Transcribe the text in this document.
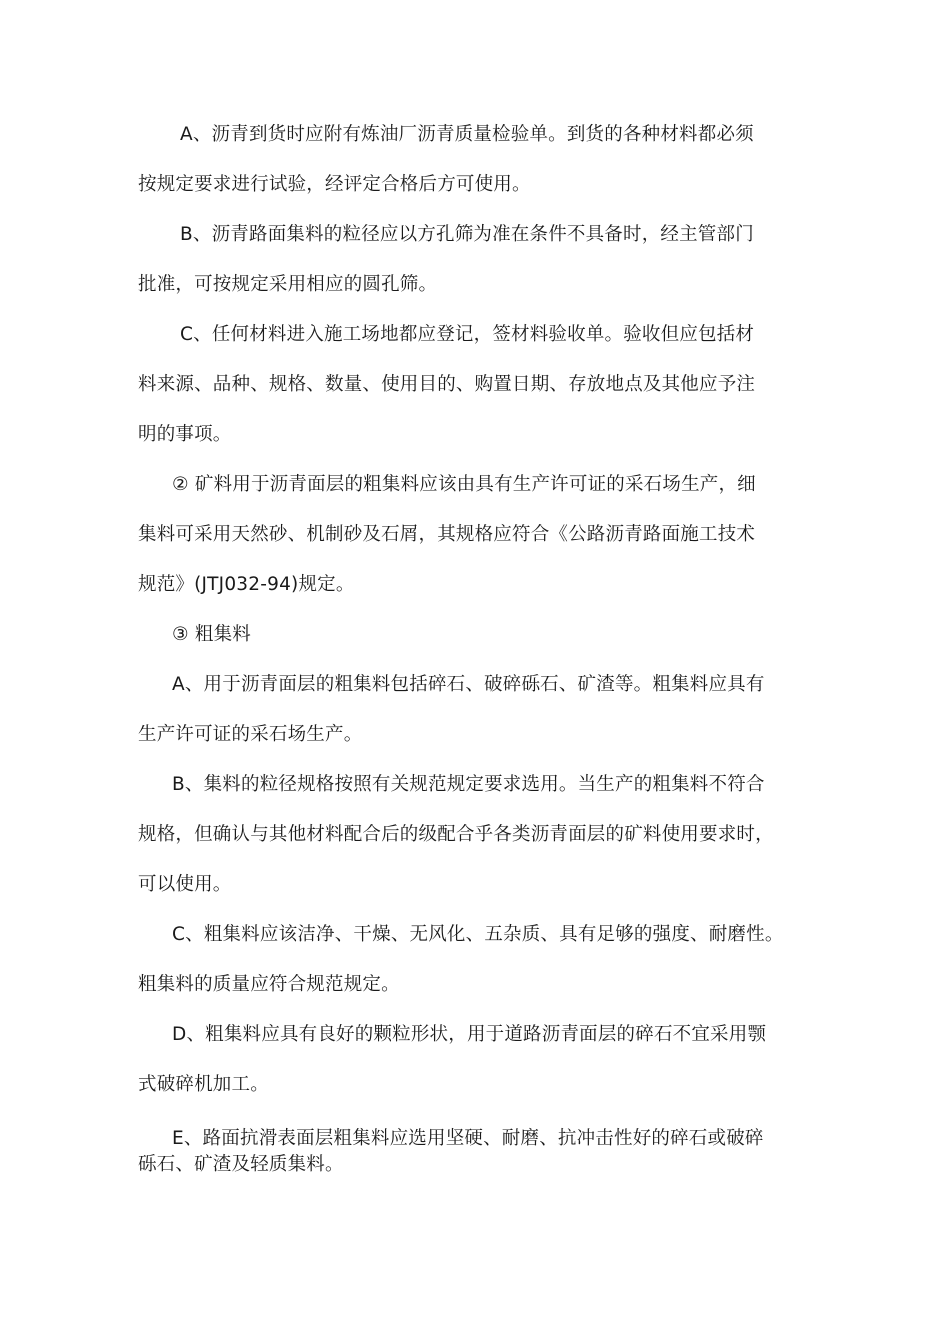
A、沥青到货时应附有炼油厂沥青质量检验单。到货的各种材料都必须
按规定要求进行试验，经评定合格后方可使用。
B、沥青路面集料的粒径应以方孔筛为准在条件不具备时，经主管部门
批准，可按规定采用相应的圆孔筛。
C、任何材料进入施工场地都应登记，签材料验收单。验收但应包括材
料来源、品种、规格、数量、使用目的、购置日期、存放地点及其他应予注
明的事项。
② 矿料用于沥青面层的粗集料应该由具有生产许可证的采石场生产，细
集料可采用天然砂、机制砂及石屑，其规格应符合《公路沥青路面施工技术
规范》(JTJ032-94)规定。
③ 粗集料
A、用于沥青面层的粗集料包括碎石、破碎砾石、矿渣等。粗集料应具有
生产许可证的采石场生产。
B、集料的粒径规格按照有关规范规定要求选用。当生产的粗集料不符合
规格，但确认与其他材料配合后的级配合乎各类沥青面层的矿料使用要求时，
可以使用。
C、粗集料应该洁净、干燥、无风化、五杂质、具有足够的强度、耐磨性。
粗集料的质量应符合规范规定。
D、粗集料应具有良好的颗粒形状，用于道路沥青面层的碎石不宜采用颚
式破碎机加工。
E、路面抗滑表面层粗集料应选用坚硬、耐磨、抗冲击性好的碎石或破碎
砾石、矿渣及轻质集料。
